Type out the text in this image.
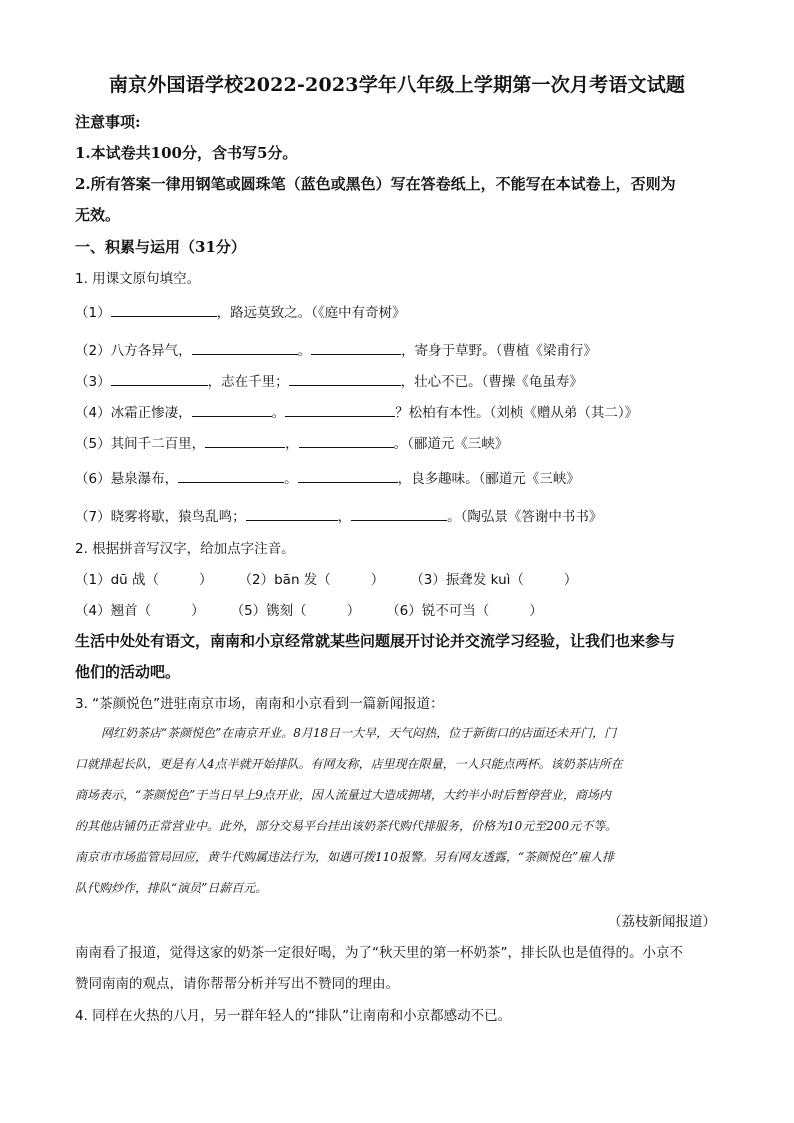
南京外国语学校2022-2023学年八年级上学期第一次月考语文试题
注意事项:
1.本试卷共100分，含书写5分。
2.所有答案一律用钢笔或圆珠笔（蓝色或黑色）写在答卷纸上，不能写在本试卷上，否则为
无效。
一、积累与运用（31分）
1. 用课文原句填空。
（1）	，路远莫致之。（《庭中有奇树》
（2）八方各异气，	。	，寄身于草野。（曹植《梁甫行》
（3）	，志在千里；	，壮心不已。（曹操《龟虽寿》
（4）冰霜正惨凄，	。	？松柏有本性。（刘桢《赠从弟（其二）》
（5）其间千二百里，	，	。（郦道元《三峡》
（6）悬泉瀑布，	。	，良多趣味。（郦道元《三峡》
（7）晓雾将歇，猿鸟乱鸣；	，	。（陶弘景《答谢中书书》
2. 根据拼音写汉字，给加点字注音。
（1）dū 战（	） （2）bān 发（	） （3）振聋发 kuì（	）
（4）翘首（	） （5）镌刻（	） （6）锐不可当（	）
生活中处处有语文，南南和小京经常就某些问题展开讨论并交流学习经验，让我们也来参与
他们的活动吧。
3. “茶颜悦色”进驻南京市场，南南和小京看到一篇新闻报道：
网红奶茶店“茶颜悦色”在南京开业。8月18日一大早，天气闷热，位于新街口的店面还未开门，门
口就排起长队，更是有人4点半就开始排队。有网友称，店里现在限量，一人只能点两杯。该奶茶店所在
商场表示，“茶颜悦色”于当日早上9点开业，因人流量过大造成拥堵，大约半小时后暂停营业，商场内
的其他店铺仍正常营业中。此外，部分交易平台挂出该奶茶代购代排服务，价格为10元至200元不等。
南京市市场监管局回应，黄牛代购属违法行为，如遇可拨110报警。另有网友透露，“茶颜悦色”雇人排
队代购炒作，排队“演员”日薪百元。
（荔枝新闻报道）
南南看了报道，觉得这家的奶茶一定很好喝，为了“秋天里的第一杯奶茶”，排长队也是值得的。小京不
赞同南南的观点，请你帮帮分析并写出不赞同的理由。
4. 同样在火热的八月，另一群年轻人的“排队”让南南和小京都感动不已。
